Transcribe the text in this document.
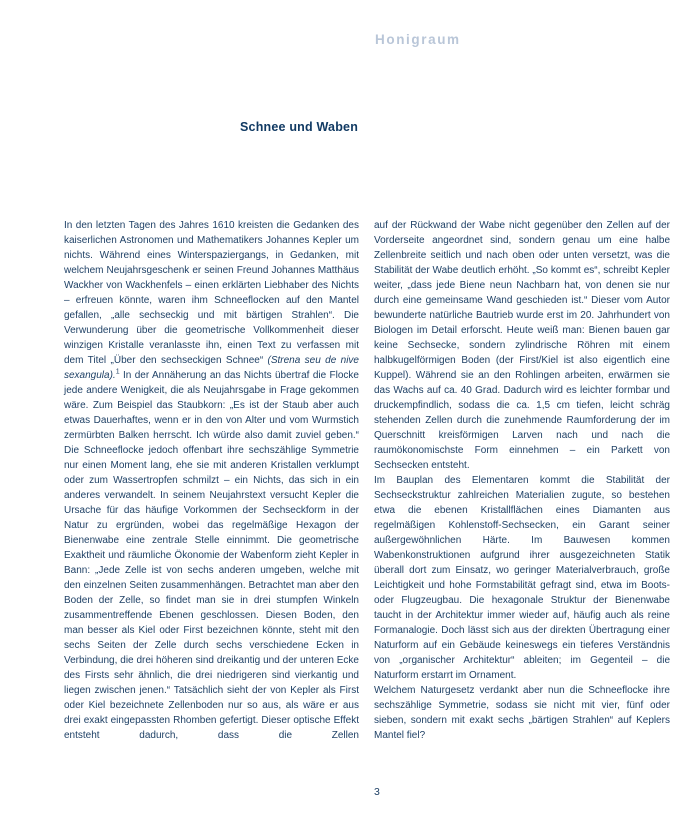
Honigraum
Schnee und Waben

In den letzten Tagen des Jahres 1610 kreisten die Gedanken des kaiserlichen Astronomen und Mathematikers Johannes Kepler um nichts. Während eines Winterspaziergangs, in Gedanken, mit welchem Neujahrsgeschenk er seinen Freund Johannes Matthäus Wackher von Wackhenfels – einen erklärten Liebhaber des Nichts – erfreuen könnte, waren ihm Schneeflocken auf den Mantel gefallen, „alle sechseckig und mit bärtigen Strahlen“. Die Verwunderung über die geometrische Vollkommenheit dieser winzigen Kristalle veranlasste ihn, einen Text zu verfassen mit dem Titel „Über den sechseckigen Schnee“ (Strena seu de nive sexangula).$^1$ In der Annäherung an das Nichts übertraf die Flocke jede andere Wenigkeit, die als Neujahrsgabe in Frage gekommen wäre. Zum Beispiel das Staubkorn: „Es ist der Staub aber auch etwas Dauerhaftes, wenn er in den von Alter und vom Wurmstich zermürbten Balken herrscht. Ich würde also damit zuviel geben.“ Die Schneeflocke jedoch offenbart ihre sechszählige Symmetrie nur einen Moment lang, ehe sie mit anderen Kristallen verklumpt oder zum Wassertropfen schmilzt – ein Nichts, das sich in ein anderes verwandelt. In seinem Neujahrstext versucht Kepler die Ursache für das häufige Vorkommen der Sechseckform in der Natur zu ergründen, wobei das regelmäßige Hexagon der Bienenwabe eine zentrale Stelle einnimmt. Die geometrische Exaktheit und räumliche Ökonomie der Wabenform zieht Kepler in Bann: „Jede Zelle ist von sechs anderen umgeben, welche mit den einzelnen Seiten zusammenhängen. Betrachtet man aber den Boden der Zelle, so findet man sie in drei stumpfen Winkeln zusammentreffende Ebenen geschlossen. Diesen Boden, den man besser als Kiel oder First bezeichnen könnte, steht mit den sechs Seiten der Zelle durch sechs verschiedene Ecken in Verbindung, die drei höheren sind dreikantig und der unteren Ecke des Firsts sehr ähnlich, die drei niedrigeren sind vierkantig und liegen zwischen jenen.“ Tatsächlich sieht der von Kepler als First oder Kiel bezeichnete Zellenboden nur so aus, als wäre er aus drei exakt eingepassten Rhomben gefertigt. Dieser optische Effekt entsteht dadurch, dass die Zellen

auf der Rückwand der Wabe nicht gegenüber den Zellen auf der Vorderseite angeordnet sind, sondern genau um eine halbe Zellenbreite seitlich und nach oben oder unten versetzt, was die Stabilität der Wabe deutlich erhöht. „So kommt es“, schreibt Kepler weiter, „dass jede Biene neun Nachbarn hat, von denen sie nur durch eine gemeinsame Wand geschieden ist.“ Dieser vom Autor bewunderte natürliche Bautrieb wurde erst im 20. Jahrhundert von Biologen im Detail erforscht. Heute weiß man: Bienen bauen gar keine Sechsecke, sondern zylindrische Röhren mit einem halbkugelförmigen Boden (der First/Kiel ist also eigentlich eine Kuppel). Während sie an den Rohlingen arbeiten, erwärmen sie das Wachs auf ca. 40 Grad. Dadurch wird es leichter formbar und druckempfindlich, sodass die ca. 1,5 cm tiefen, leicht schräg stehenden Zellen durch die zunehmende Raumforderung der im Querschnitt kreisförmigen Larven nach und nach die raumökonomischste Form einnehmen – ein Parkett von Sechsecken entsteht.

Im Bauplan des Elementaren kommt die Stabilität der Sechseckstruktur zahlreichen Materialien zugute, so bestehen etwa die ebenen Kristallflächen eines Diamanten aus regelmäßigen Kohlenstoff-Sechsecken, ein Garant seiner außergewöhnlichen Härte. Im Bauwesen kommen Wabenkonstruktionen aufgrund ihrer ausgezeichneten Statik überall dort zum Einsatz, wo geringer Materialverbrauch, große Leichtigkeit und hohe Formstabilität gefragt sind, etwa im Boots- oder Flugzeugbau. Die hexagonale Struktur der Bienenwabe taucht in der Architektur immer wieder auf, häufig auch als reine Formanalogie. Doch lässt sich aus der direkten Übertragung einer Naturform auf ein Gebäude keineswegs ein tieferes Verständnis von „organischer Architektur“ ableiten; im Gegenteil – die Naturform erstarrt im Ornament.

Welchem Naturgesetz verdankt aber nun die Schneeflocke ihre sechszählige Symmetrie, sodass sie nicht mit vier, fünf oder sieben, sondern mit exakt sechs „bärtigen Strahlen“ auf Keplers Mantel fiel?

3
